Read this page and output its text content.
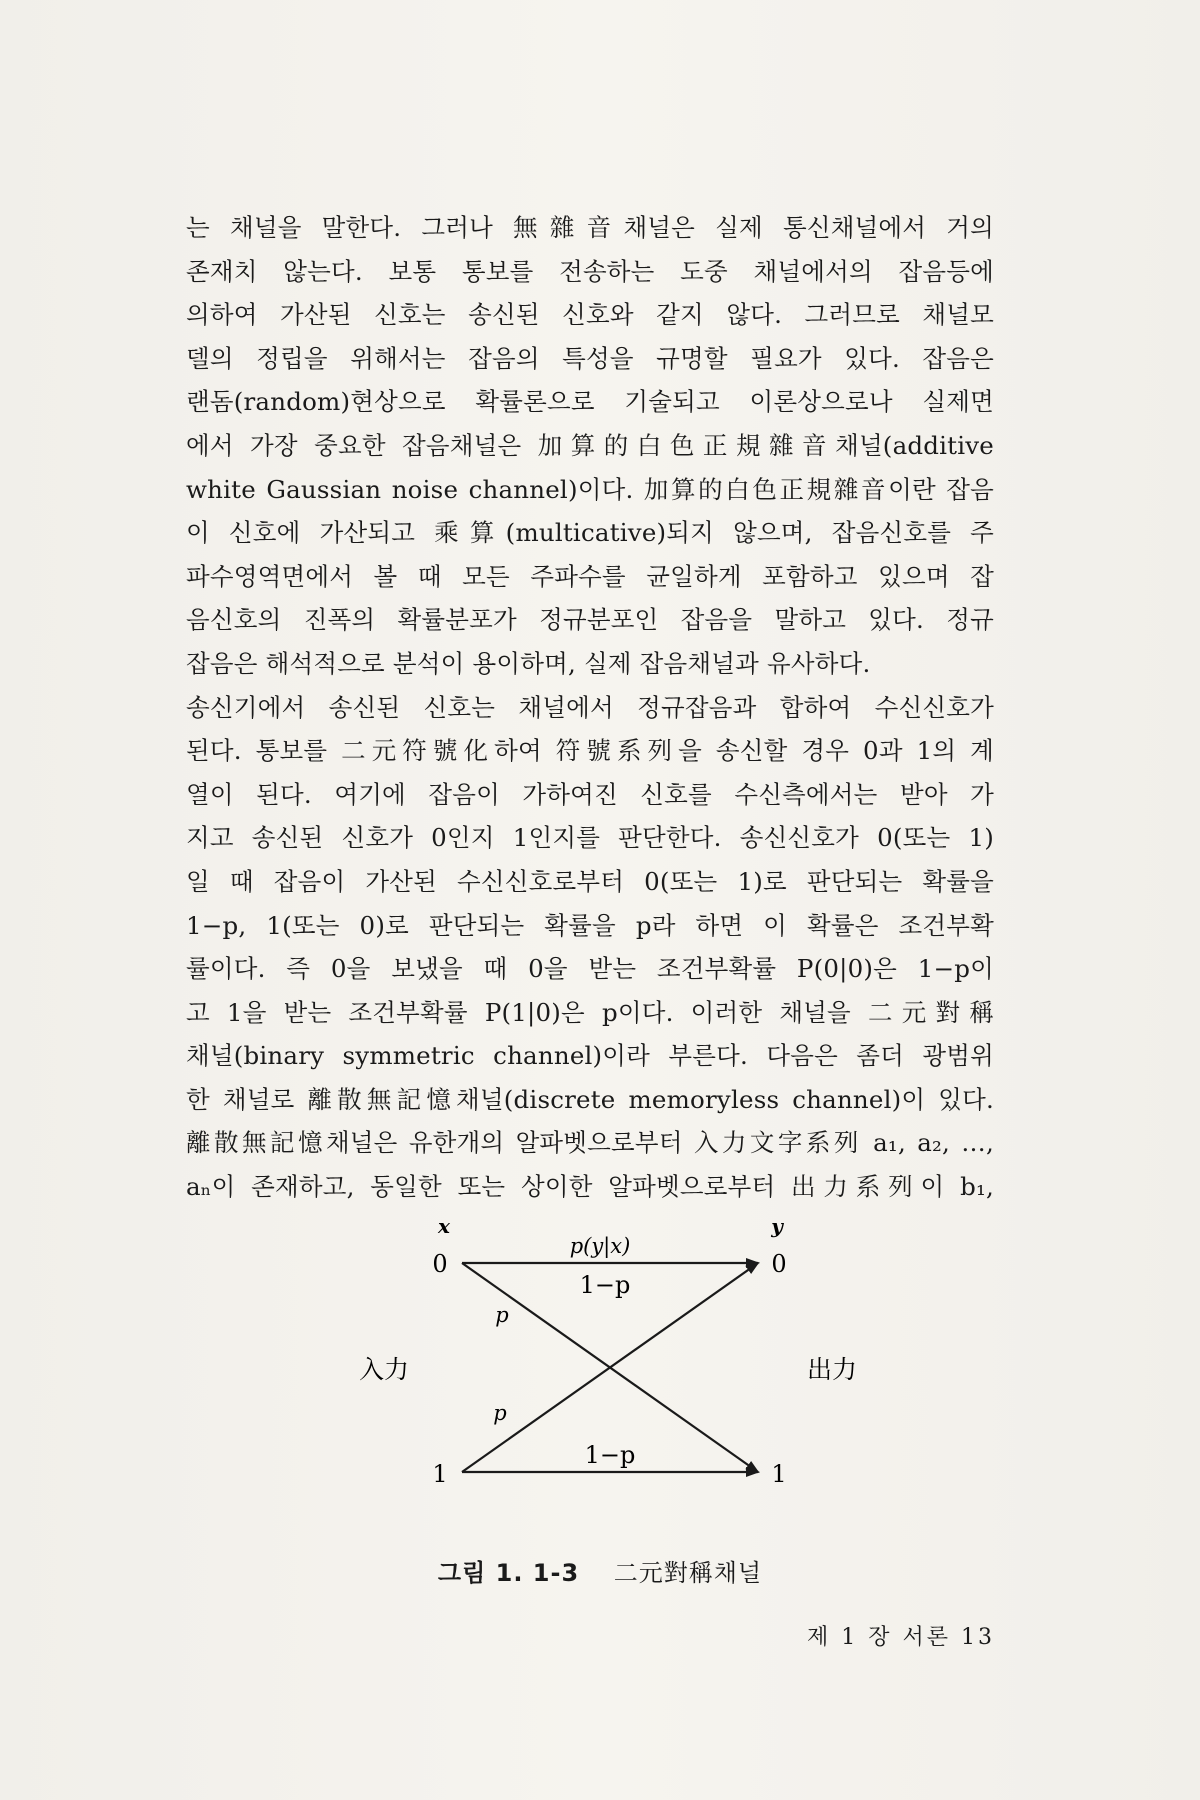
는 채널을 말한다. 그러나 無雜音채널은 실제 통신채널에서 거의
존재치 않는다. 보통 통보를 전송하는 도중 채널에서의 잡음등에
의하여 가산된 신호는 송신된 신호와 같지 않다. 그러므로 채널모
델의 정립을 위해서는 잡음의 특성을 규명할 필요가 있다. 잡음은
랜돔(random)현상으로 확률론으로 기술되고 이론상으로나 실제면
에서 가장 중요한 잡음채널은 加算的白色正規雜音채널(additive
white Gaussian noise channel)이다. 加算的白色正規雜音이란 잡음
이 신호에 가산되고 乘算(multicative)되지 않으며, 잡음신호를 주
파수영역면에서 볼 때 모든 주파수를 균일하게 포함하고 있으며 잡
음신호의 진폭의 확률분포가 정규분포인 잡음을 말하고 있다. 정규
잡음은 해석적으로 분석이 용이하며, 실제 잡음채널과 유사하다.
송신기에서 송신된 신호는 채널에서 정규잡음과 합하여 수신신호가
된다. 통보를 二元符號化하여 符號系列을 송신할 경우 0과 1의 계
열이 된다. 여기에 잡음이 가하여진 신호를 수신측에서는 받아 가
지고 송신된 신호가 0인지 1인지를 판단한다. 송신신호가 0(또는 1)
일 때 잡음이 가산된 수신신호로부터 0(또는 1)로 판단되는 확률을
1−p, 1(또는 0)로 판단되는 확률을 p라 하면 이 확률은 조건부확
률이다. 즉 0을 보냈을 때 0을 받는 조건부확률 P(0|0)은 1−p이
고 1을 받는 조건부확률 P(1|0)은 p이다. 이러한 채널을 二元對稱
채널(binary symmetric channel)이라 부른다. 다음은 좀더 광범위
한 채널로 離散無記憶채널(discrete memoryless channel)이 있다.
離散無記憶채널은 유한개의 알파벳으로부터 入力文字系列 a₁, a₂, …,
aₙ이 존재하고, 동일한 또는 상이한 알파벳으로부터 出力系列이 b₁,
x	y
p(y|x)
0	0
1	1
1−p
1−p
p
p
入力	出力
그림 1. 1-3 二元對稱채널
제 1 장 서론 13
